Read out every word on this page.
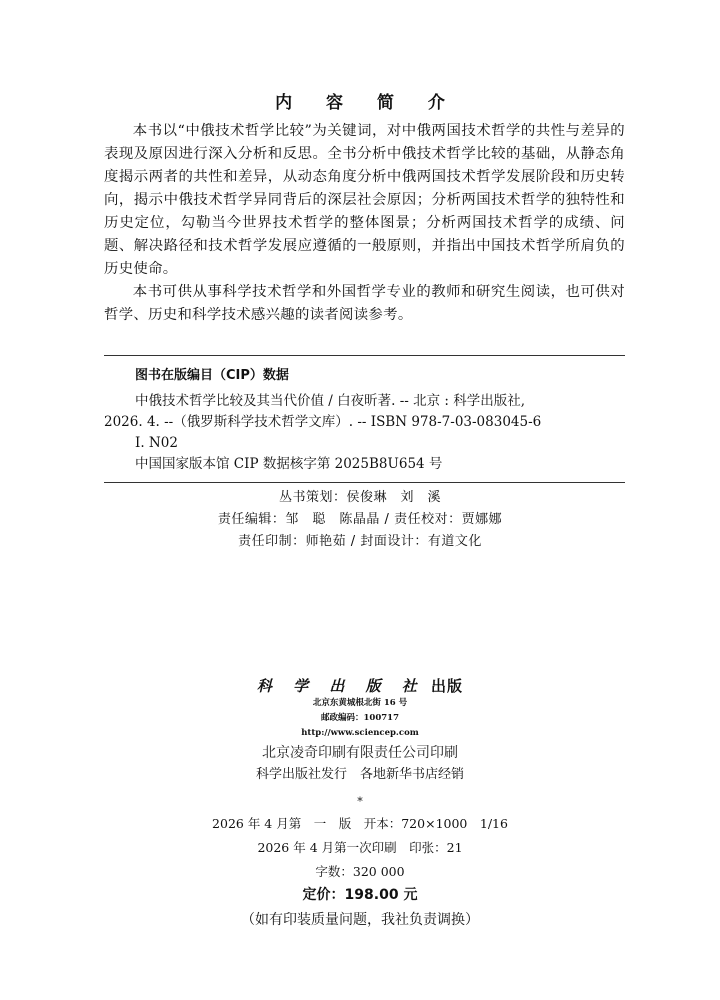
内 容 简 介

本书以“中俄技术哲学比较”为关键词，对中俄两国技术哲学的共性与差异的表现及原因进行深入分析和反思。全书分析中俄技术哲学比较的基础，从静态角度揭示两者的共性和差异，从动态角度分析中俄两国技术哲学发展阶段和历史转向，揭示中俄技术哲学异同背后的深层社会原因；分析两国技术哲学的独特性和历史定位，勾勒当今世界技术哲学的整体图景；分析两国技术哲学的成绩、问题、解决路径和技术哲学发展应遵循的一般原则，并指出中国技术哲学所肩负的历史使命。

本书可供从事科学技术哲学和外国哲学专业的教师和研究生阅读，也可供对哲学、历史和科学技术感兴趣的读者阅读参考。

图书在版编目（CIP）数据
中俄技术哲学比较及其当代价值 / 白夜昕著. -- 北京 : 科学出版社,
2026. 4. --（俄罗斯科学技术哲学文库）. -- ISBN 978-7-03-083045-6
Ⅰ. N02
中国国家版本馆 CIP 数据核字第 2025B8U654 号
丛书策划：侯俊琳　刘　溪
责任编辑：邹　聪　陈晶晶 / 责任校对：贾娜娜
责任印制：师艳茹 / 封面设计：有道文化
科 学 出 版 社 出版
北京东黄城根北街 16 号
邮政编码：100717
http://www.sciencep.com
北京凌奇印刷有限责任公司印刷
科学出版社发行　各地新华书店经销
*
2026 年 4 月第　一　版　开本：720×1000　1/16
2026 年 4 月第一次印刷　印张：21
字数：320 000
定价：198.00 元
（如有印装质量问题，我社负责调换）
